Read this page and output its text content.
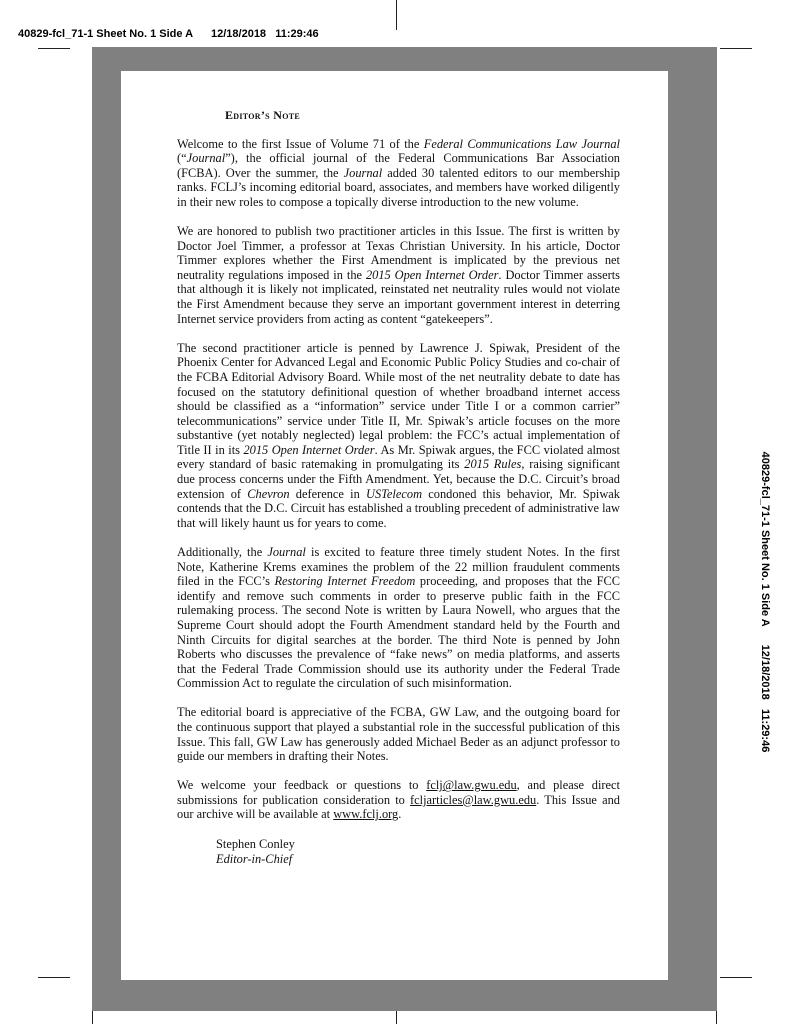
40829-fcl_71-1 Sheet No. 1 Side A 12/18/2018 11:29:46
40829-fcl_71-1 Sheet No. 1 Side A      12/18/2018   11:29:46
Editor’s Note

Welcome to the first Issue of Volume 71 of the Federal Communications Law Journal (“Journal”), the official journal of the Federal Communications Bar Association (FCBA). Over the summer, the Journal added 30 talented editors to our membership ranks. FCLJ’s incoming editorial board, associates, and members have worked diligently in their new roles to compose a topically diverse introduction to the new volume.

We are honored to publish two practitioner articles in this Issue. The first is written by Doctor Joel Timmer, a professor at Texas Christian University. In his article, Doctor Timmer explores whether the First Amendment is implicated by the previous net neutrality regulations imposed in the 2015 Open Internet Order. Doctor Timmer asserts that although it is likely not implicated, reinstated net neutrality rules would not violate the First Amendment because they serve an important government interest in deterring Internet service providers from acting as content “gatekeepers”.

The second practitioner article is penned by Lawrence J. Spiwak, President of the Phoenix Center for Advanced Legal and Economic Public Policy Studies and co-chair of the FCBA Editorial Advisory Board. While most of the net neutrality debate to date has focused on the statutory definitional question of whether broadband internet access should be classified as a “information” service under Title I or a common carrier” telecommunications” service under Title II, Mr. Spiwak’s article focuses on the more substantive (yet notably neglected) legal problem: the FCC’s actual implementation of Title II in its 2015 Open Internet Order. As Mr. Spiwak argues, the FCC violated almost every standard of basic ratemaking in promulgating its 2015 Rules, raising significant due process concerns under the Fifth Amendment. Yet, because the D.C. Circuit’s broad extension of Chevron deference in USTelecom condoned this behavior, Mr. Spiwak contends that the D.C. Circuit has established a troubling precedent of administrative law that will likely haunt us for years to come.

Additionally, the Journal is excited to feature three timely student Notes. In the first Note, Katherine Krems examines the problem of the 22 million fraudulent comments filed in the FCC’s Restoring Internet Freedom proceeding, and proposes that the FCC identify and remove such comments in order to preserve public faith in the FCC rulemaking process. The second Note is written by Laura Nowell, who argues that the Supreme Court should adopt the Fourth Amendment standard held by the Fourth and Ninth Circuits for digital searches at the border. The third Note is penned by John Roberts who discusses the prevalence of “fake news” on media platforms, and asserts that the Federal Trade Commission should use its authority under the Federal Trade Commission Act to regulate the circulation of such misinformation.

The editorial board is appreciative of the FCBA, GW Law, and the outgoing board for the continuous support that played a substantial role in the successful publication of this Issue. This fall, GW Law has generously added Michael Beder as an adjunct professor to guide our members in drafting their Notes.

We welcome your feedback or questions to fclj@law.gwu.edu, and please direct submissions for publication consideration to fcljarticles@law.gwu.edu. This Issue and our archive will be available at www.fclj.org.

Stephen Conley
Editor-in-Chief
